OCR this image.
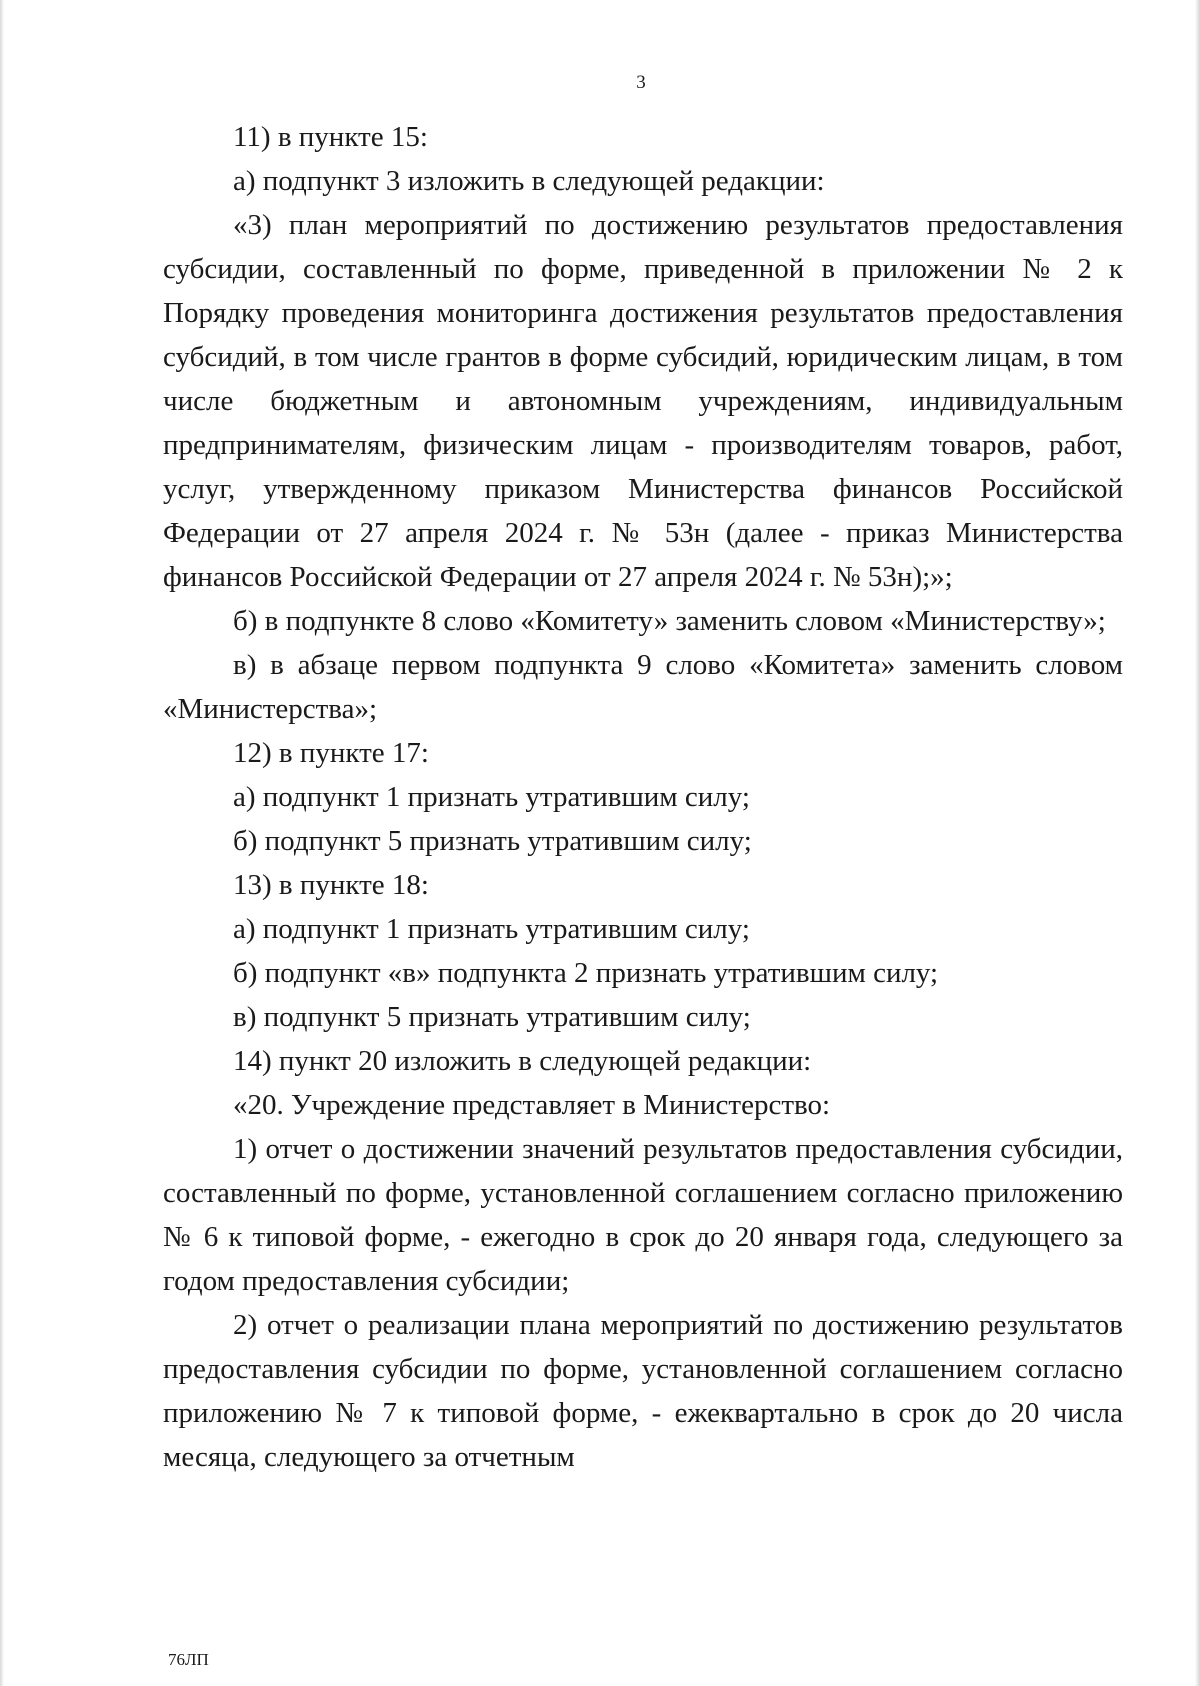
3

11) в пункте 15:

а) подпункт 3 изложить в следующей редакции:

«3) план мероприятий по достижению результатов предоставления субсидии, составленный по форме, приведенной в приложении № 2 к Порядку проведения мониторинга достижения результатов предоставления субсидий, в том числе грантов в форме субсидий, юридическим лицам, в том числе бюджетным и автономным учреждениям, индивидуальным предпринимателям, физическим лицам - производителям товаров, работ, услуг, утвержденному приказом Министерства финансов Российской Федерации от 27 апреля 2024 г. № 53н (далее - приказ Министерства финансов Российской Федерации от 27 апреля 2024 г. № 53н);»;

б) в подпункте 8 слово «Комитету» заменить словом «Министерству»;

в) в абзаце первом подпункта 9 слово «Комитета» заменить словом «Министерства»;

12) в пункте 17:

а) подпункт 1 признать утратившим силу;

б) подпункт 5 признать утратившим силу;

13) в пункте 18:

а) подпункт 1 признать утратившим силу;

б) подпункт «в» подпункта 2 признать утратившим силу;

в) подпункт 5 признать утратившим силу;

14) пункт 20 изложить в следующей редакции:

«20. Учреждение представляет в Министерство:

1) отчет о достижении значений результатов предоставления субсидии, составленный по форме, установленной соглашением согласно приложению № 6 к типовой форме, - ежегодно в срок до 20 января года, следующего за годом предоставления субсидии;

2) отчет о реализации плана мероприятий по достижению результатов предоставления субсидии по форме, установленной соглашением согласно приложению № 7 к типовой форме, - ежеквартально в срок до 20 числа месяца, следующего за отчетным

76ЛП
